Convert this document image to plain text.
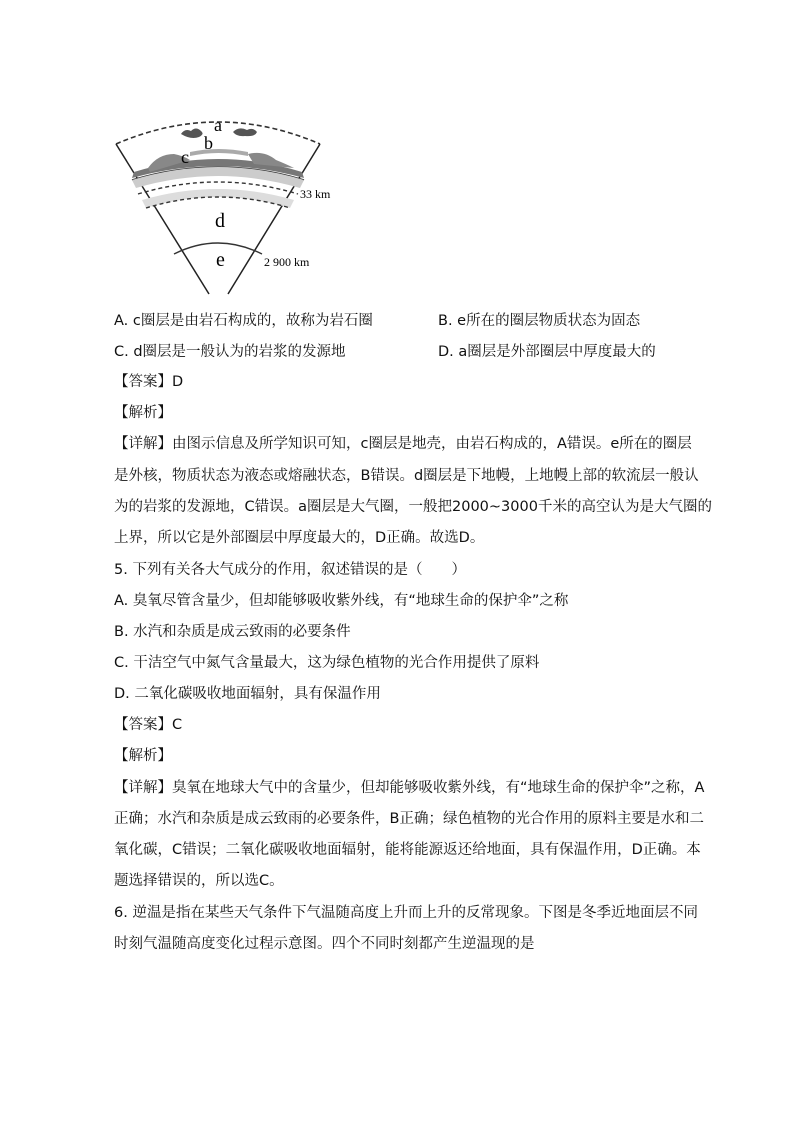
a
b
c
d
e
33 km
2 900 km
A. c圈层是由岩石构成的，故称为岩石圈	B. e所在的圈层物质状态为固态
C. d圈层是一般认为的岩浆的发源地	D. a圈层是外部圈层中厚度最大的
【答案】D
【解析】
【详解】由图示信息及所学知识可知，c圈层是地壳，由岩石构成的，A错误。e所在的圈层
是外核，物质状态为液态或熔融状态，B错误。d圈层是下地幔，上地幔上部的软流层一般认
为的岩浆的发源地，C错误。a圈层是大气圈，一般把2000~3000千米的高空认为是大气圈的
上界，所以它是外部圈层中厚度最大的，D正确。故选D。
5. 下列有关各大气成分的作用，叙述错误的是（　　）
A. 臭氧尽管含量少，但却能够吸收紫外线，有“地球生命的保护伞”之称
B. 水汽和杂质是成云致雨的必要条件
C. 干洁空气中氮气含量最大，这为绿色植物的光合作用提供了原料
D. 二氧化碳吸收地面辐射，具有保温作用
【答案】C
【解析】
【详解】臭氧在地球大气中的含量少，但却能够吸收紫外线，有“地球生命的保护伞”之称，A
正确；水汽和杂质是成云致雨的必要条件，B正确；绿色植物的光合作用的原料主要是水和二
氧化碳，C错误；二氧化碳吸收地面辐射，能将能源返还给地面，具有保温作用，D正确。本
题选择错误的，所以选C。
6. 逆温是指在某些天气条件下气温随高度上升而上升的反常现象。下图是冬季近地面层不同
时刻气温随高度变化过程示意图。四个不同时刻都产生逆温现的是
